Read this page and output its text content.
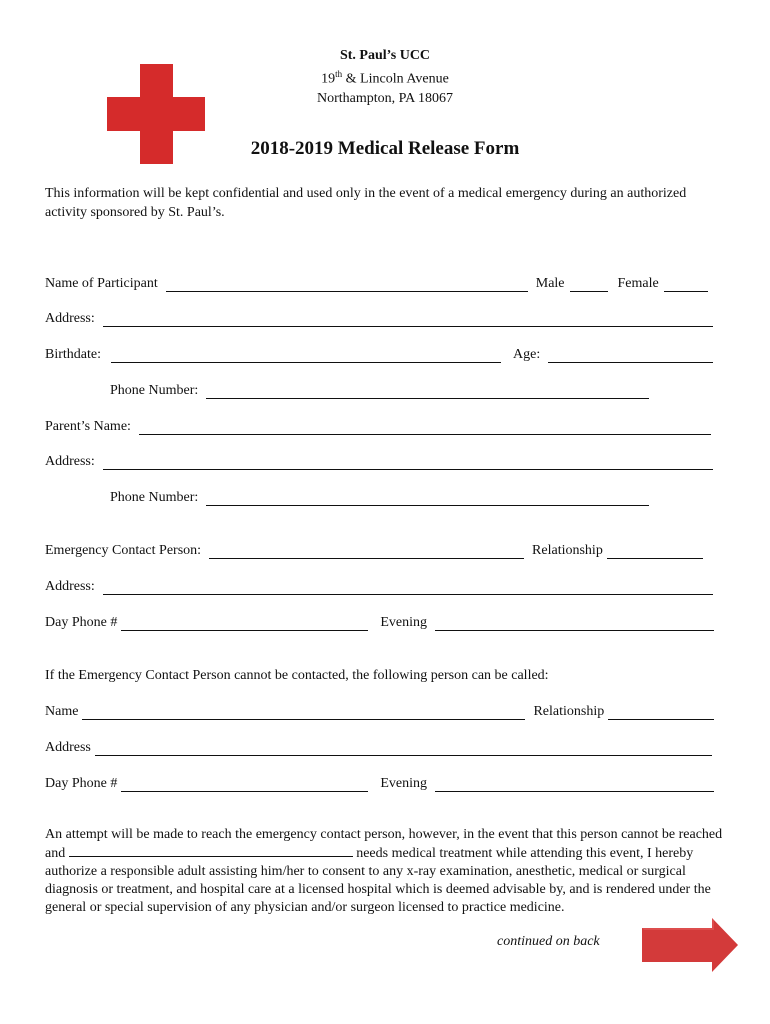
St. Paul’s UCC
19th & Lincoln Avenue
Northampton, PA 18067
2018-2019 Medical Release Form
This information will be kept confidential and used only in the event of a medical emergency during an authorized activity sponsored by St. Paul’s.
Name of Participant	Male	Female
Address:
Birthdate:	Age:
Phone Number:
Parent’s Name:
Address:
Phone Number:
Emergency Contact Person:	Relationship
Address:
Day Phone #	Evening
If the Emergency Contact Person cannot be contacted, the following person can be called:
Name	Relationship
Address
Day Phone #	Evening
An attempt will be made to reach the emergency contact person, however, in the event that this person cannot be reached and	needs medical treatment while attending this event, I hereby authorize a responsible adult assisting him/her to consent to any x-ray examination, anesthetic, medical or surgical diagnosis or treatment, and hospital care at a licensed hospital which is deemed advisable by, and is rendered under the general or special supervision of any physician and/or surgeon licensed to practice medicine.
continued on back
